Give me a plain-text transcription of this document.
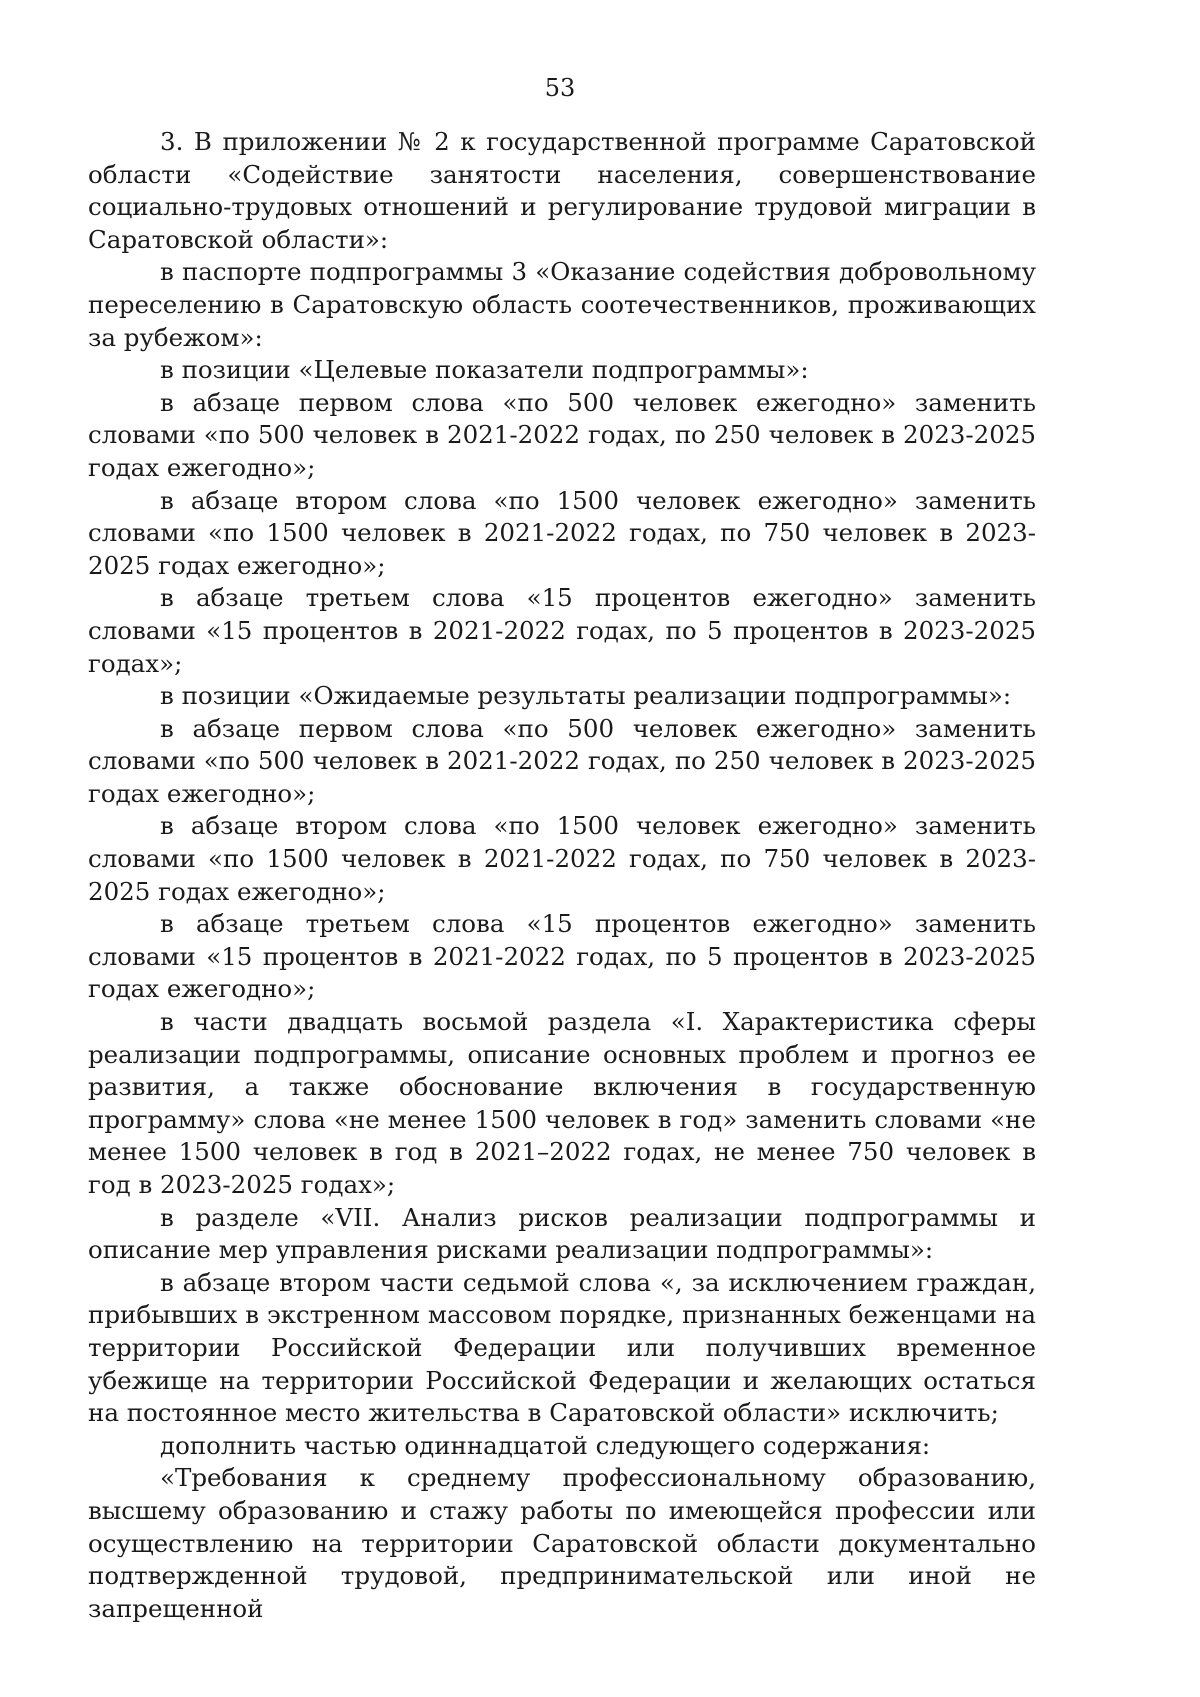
53

3. В приложении № 2 к государственной программе Саратовской области «Содействие занятости населения, совершенствование социально-трудовых отношений и регулирование трудовой миграции в Саратовской области»:

в паспорте подпрограммы 3 «Оказание содействия добровольному переселению в Саратовскую область соотечественников, проживающих за рубежом»:

в позиции «Целевые показатели подпрограммы»:

в абзаце первом слова «по 500 человек ежегодно» заменить словами «по 500 человек в 2021-2022 годах, по 250 человек в 2023-2025 годах ежегодно»;

в абзаце втором слова «по 1500 человек ежегодно» заменить словами «по 1500 человек в 2021-2022 годах, по 750 человек в 2023-2025 годах ежегодно»;

в абзаце третьем слова «15 процентов ежегодно» заменить словами «15 процентов в 2021-2022 годах, по 5 процентов в 2023-2025 годах»;

в позиции «Ожидаемые результаты реализации подпрограммы»:

в абзаце первом слова «по 500 человек ежегодно» заменить словами «по 500 человек в 2021-2022 годах, по 250 человек в 2023-2025 годах ежегодно»;

в абзаце втором слова «по 1500 человек ежегодно» заменить словами «по 1500 человек в 2021-2022 годах, по 750 человек в 2023-2025 годах ежегодно»;

в абзаце третьем слова «15 процентов ежегодно» заменить словами «15 процентов в 2021-2022 годах, по 5 процентов в 2023-2025 годах ежегодно»;

в части двадцать восьмой раздела «I. Характеристика сферы реализации подпрограммы, описание основных проблем и прогноз ее развития, а также обоснование включения в государственную программу» слова «не менее 1500 человек в год» заменить словами «не менее 1500 человек в год в 2021–2022 годах, не менее 750 человек в год в 2023-2025 годах»;

в разделе «VII. Анализ рисков реализации подпрограммы и описание мер управления рисками реализации подпрограммы»:

в абзаце втором части седьмой слова «, за исключением граждан, прибывших в экстренном массовом порядке, признанных беженцами на территории Российской Федерации или получивших временное убежище на территории Российской Федерации и желающих остаться на постоянное место жительства в Саратовской области» исключить;

дополнить частью одиннадцатой следующего содержания:

«Требования к среднему профессиональному образованию, высшему образованию и стажу работы по имеющейся профессии или осуществлению на территории Саратовской области документально подтвержденной трудовой, предпринимательской или иной не запрещенной
